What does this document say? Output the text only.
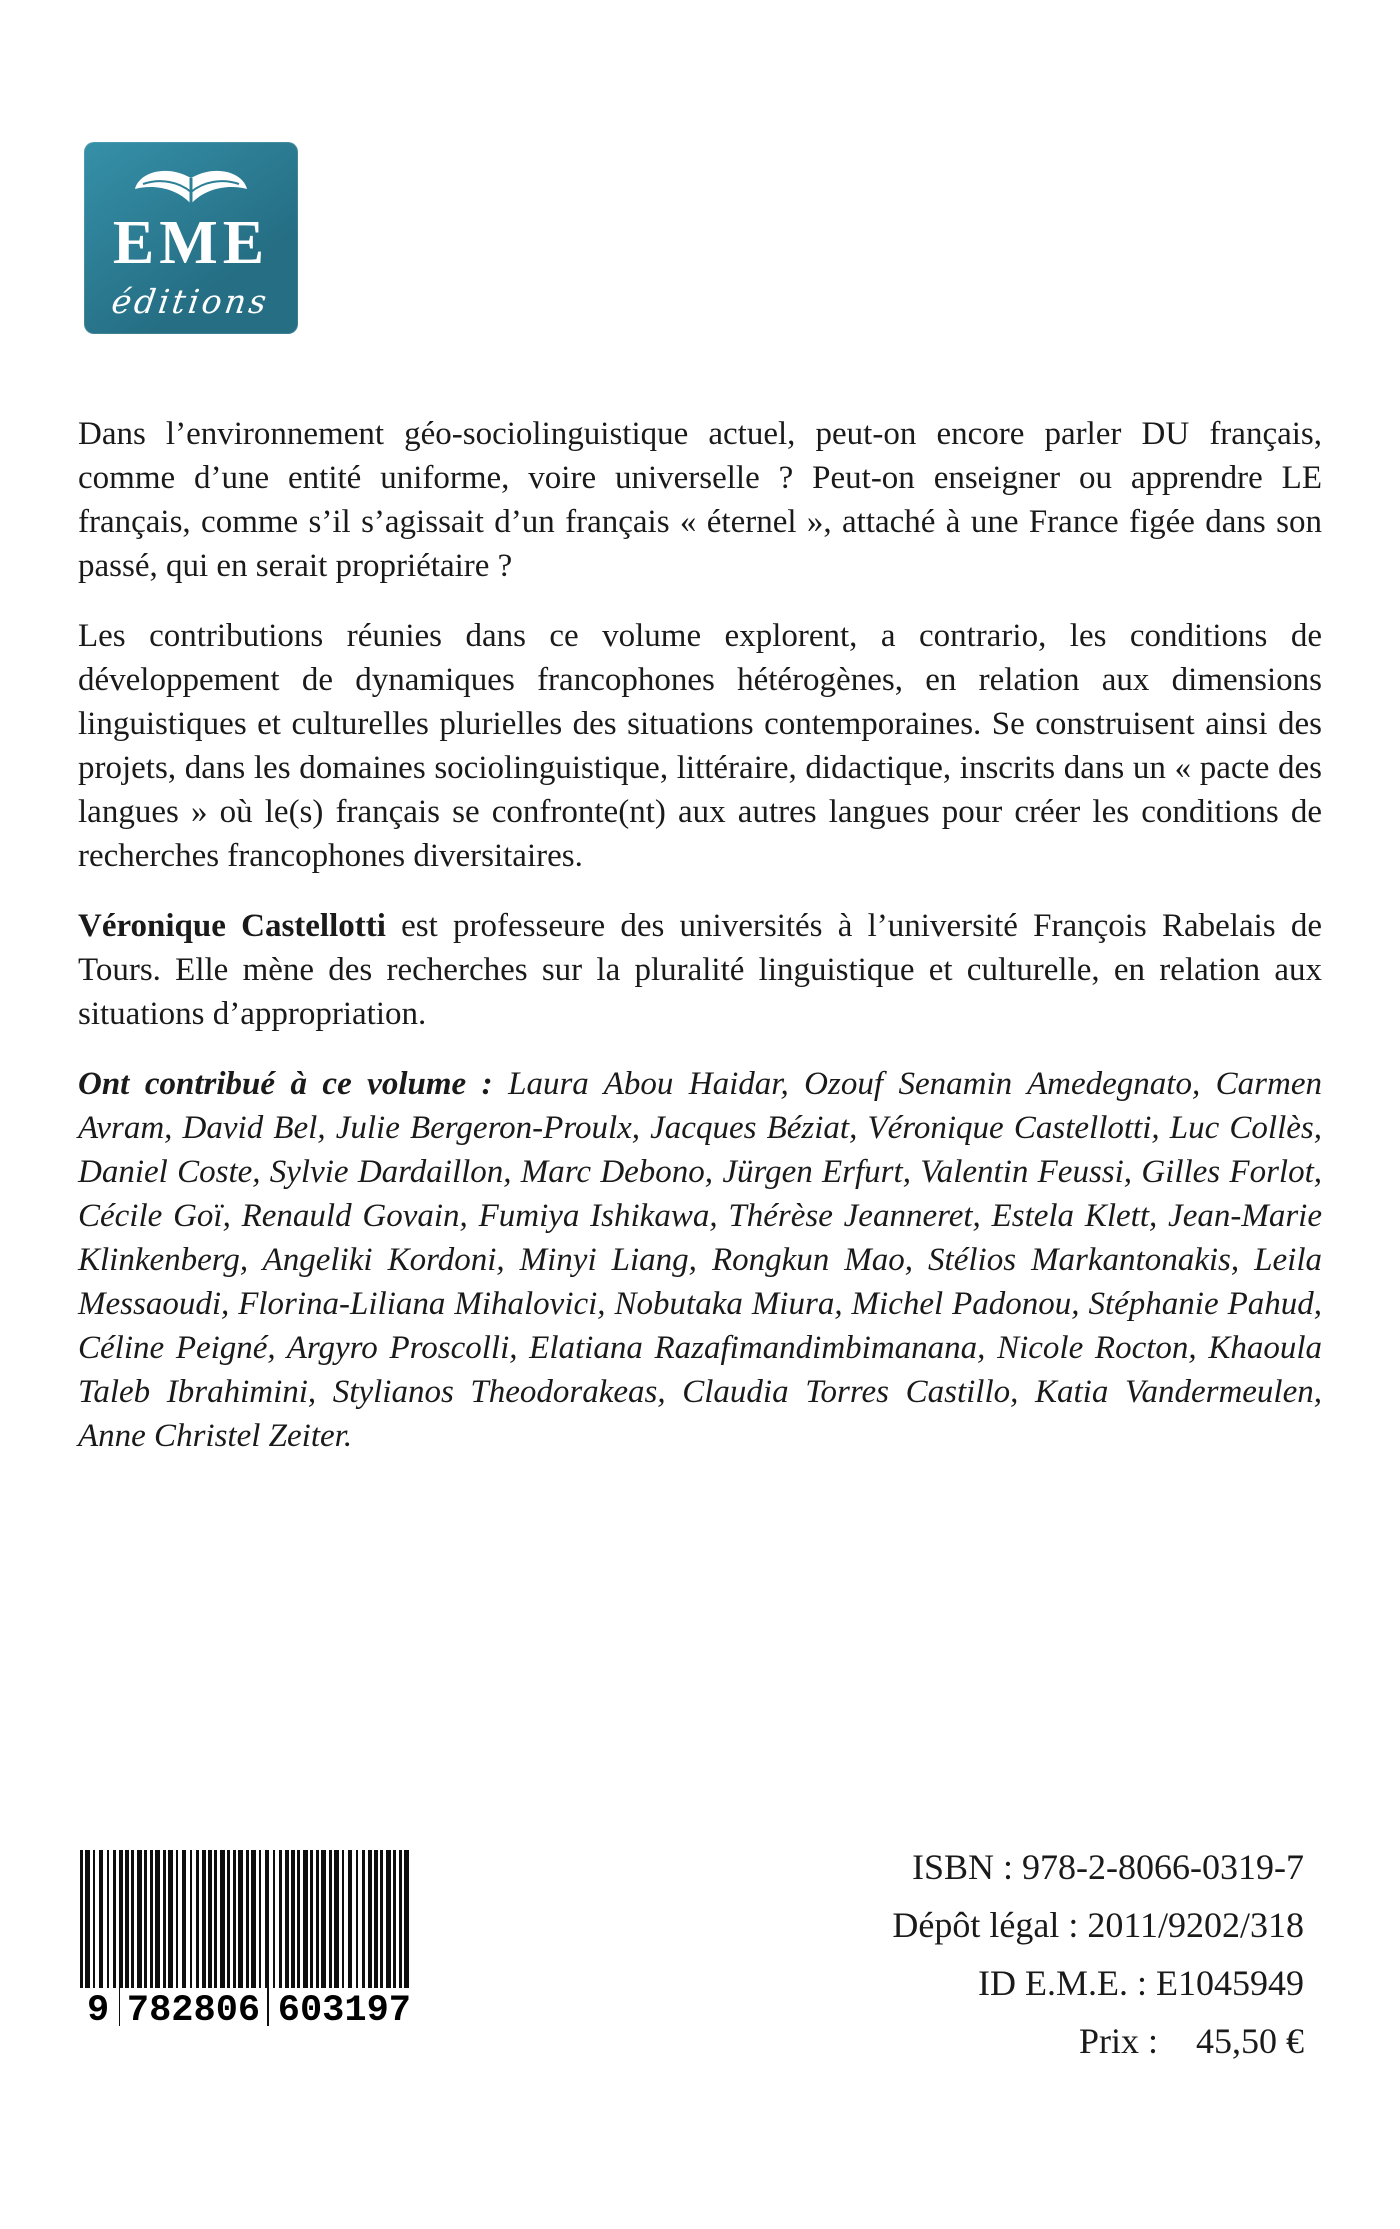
EME
éditions

Dans l’environnement géo-sociolinguistique actuel, peut-on encore parler DU français, comme d’une entité uniforme, voire universelle ? Peut-on enseigner ou apprendre LE français, comme s’il s’agissait d’un français « éternel », attaché à une France figée dans son passé, qui en serait propriétaire ?

Les contributions réunies dans ce volume explorent, a contrario, les conditions de développement de dynamiques francophones hétérogènes, en relation aux dimensions linguistiques et culturelles plurielles des situations contemporaines. Se construisent ainsi des projets, dans les domaines sociolinguistique, littéraire, didactique, inscrits dans un « pacte des langues » où le(s) français se confronte(nt) aux autres langues pour créer les conditions de recherches francophones diversitaires.

Véronique Castellotti est professeure des universités à l’université François Rabelais de Tours. Elle mène des recherches sur la pluralité linguistique et culturelle, en relation aux situations d’appropriation.

Ont contribué à ce volume : Laura Abou Haidar, Ozouf Senamin Amedegnato, Carmen Avram, David Bel, Julie Bergeron-Proulx, Jacques Béziat, Véronique Castellotti, Luc Collès, Daniel Coste, Sylvie Dardaillon, Marc Debono, Jürgen Erfurt, Valentin Feussi, Gilles Forlot, Cécile Goï, Renauld Govain, Fumiya Ishikawa, Thérèse Jeanneret, Estela Klett, Jean-Marie Klinkenberg, Angeliki Kordoni, Minyi Liang, Rongkun Mao, Stélios Markantonakis, Leila Messaoudi, Florina-Liliana Mihalovici, Nobutaka Miura, Michel Padonou, Stéphanie Pahud, Céline Peigné, Argyro Proscolli, Elatiana Razafimandimbimanana, Nicole Rocton, Khaoula Taleb Ibrahimini, Stylianos Theodorakeas, Claudia Torres Castillo, Katia Vandermeulen, Anne Christel Zeiter.

9 782806 603197
ISBN : 978-2-8066-0319-7
Dépôt légal : 2011/9202/318
ID E.M.E. : E1045949
Prix : 45,50 €
